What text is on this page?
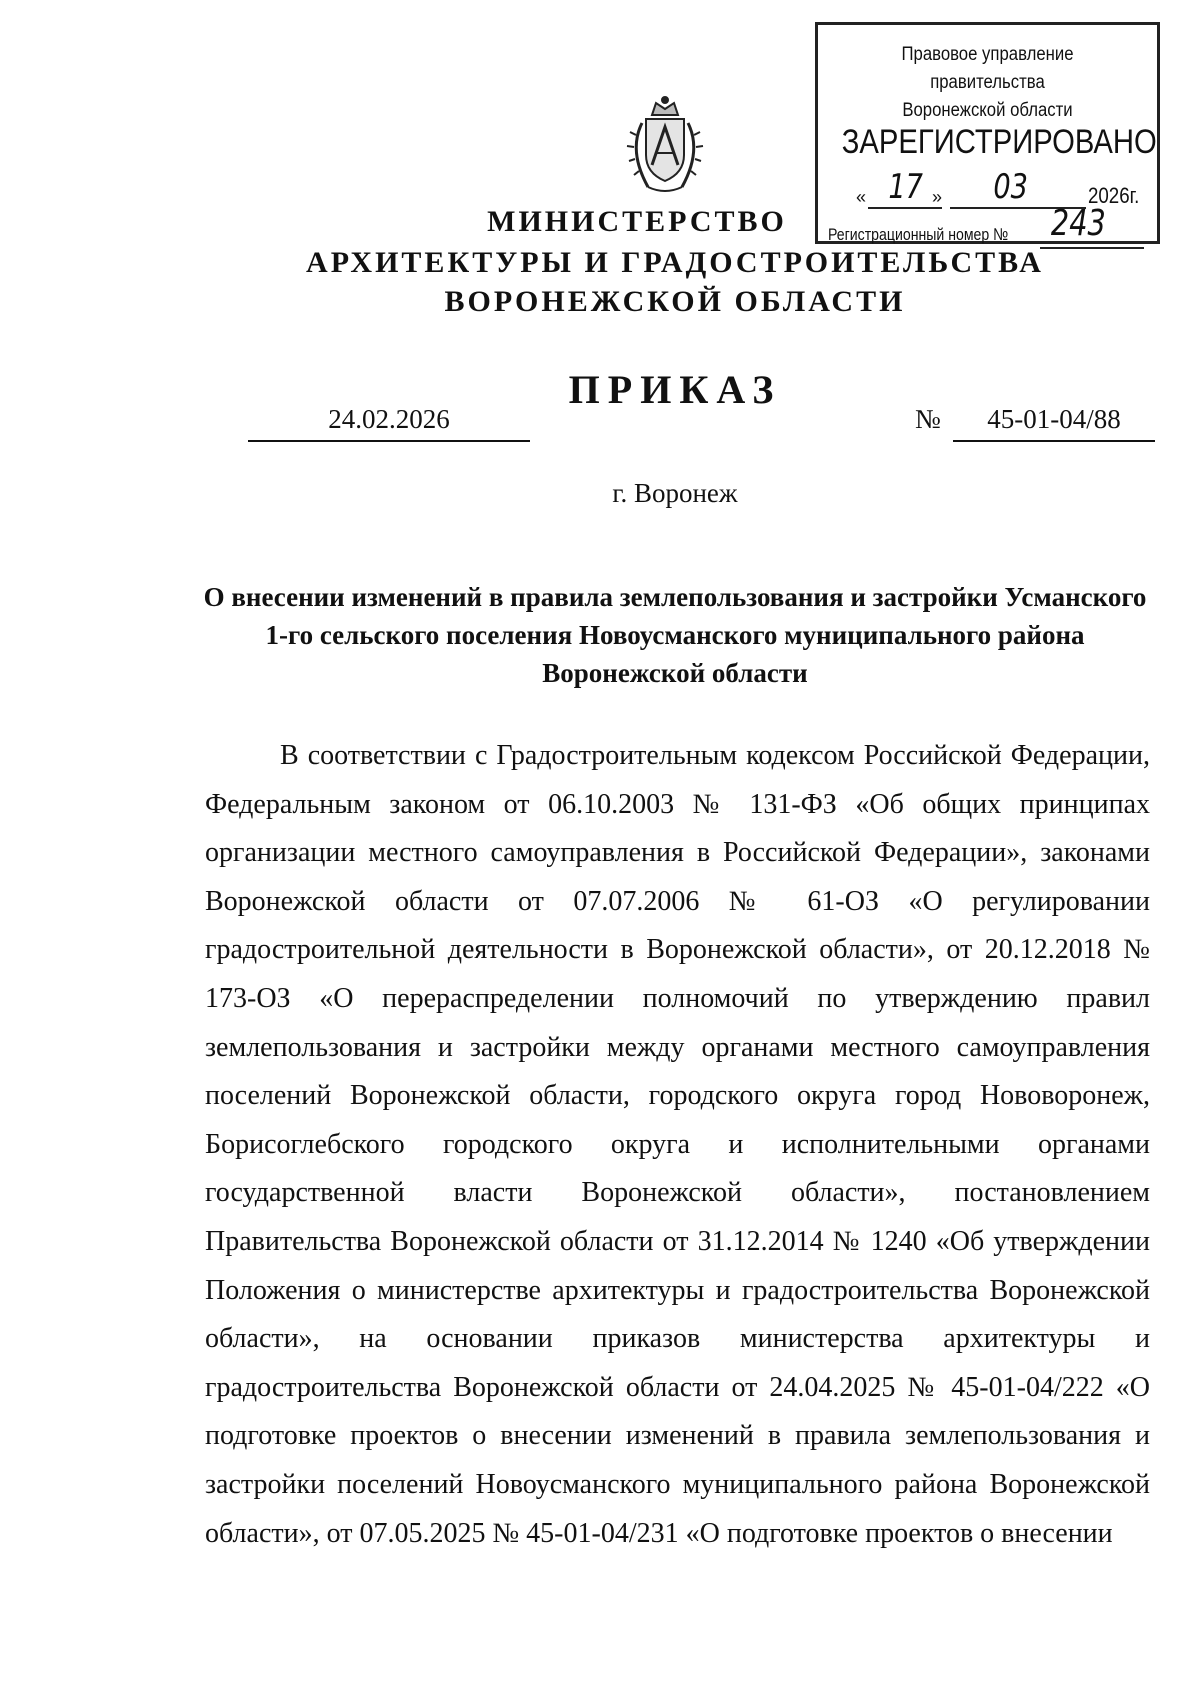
Правовое управление правительства
Воронежской области
ЗАРЕГИСТРИРОВАНО
« 17 » 03	2026г.
Регистрационный номер № 243
МИНИСТЕРСТВО
АРХИТЕКТУРЫ И ГРАДОСТРОИТЕЛЬСТВА
ВОРОНЕЖСКОЙ ОБЛАСТИ
ПРИКАЗ
24.02.2026	№	45-01-04/88
г. Воронеж
О внесении изменений в правила землепользования и застройки Усманского 1-го сельского поселения Новоусманского муниципального района Воронежской области
В соответствии с Градостроительным кодексом Российской Федерации, Федеральным законом от 06.10.2003 № 131-ФЗ «Об общих принципах организации местного самоуправления в Российской Федерации», законами Воронежской области от 07.07.2006 № 61-ОЗ «О регулировании градостроительной деятельности в Воронежской области», от 20.12.2018 № 173-ОЗ «О перераспределении полномочий по утверждению правил землепользования и застройки между органами местного самоуправления поселений Воронежской области, городского округа город Нововоронеж, Борисоглебского городского округа и исполнительными органами государственной власти Воронежской области», постановлением Правительства Воронежской области от 31.12.2014 № 1240 «Об утверждении Положения о министерстве архитектуры и градостроительства Воронежской области», на основании приказов министерства архитектуры и градостроительства Воронежской области от 24.04.2025 № 45-01-04/222 «О подготовке проектов о внесении изменений в правила землепользования и застройки поселений Новоусманского муниципального района Воронежской области», от 07.05.2025 № 45-01-04/231 «О подготовке проектов о внесении
